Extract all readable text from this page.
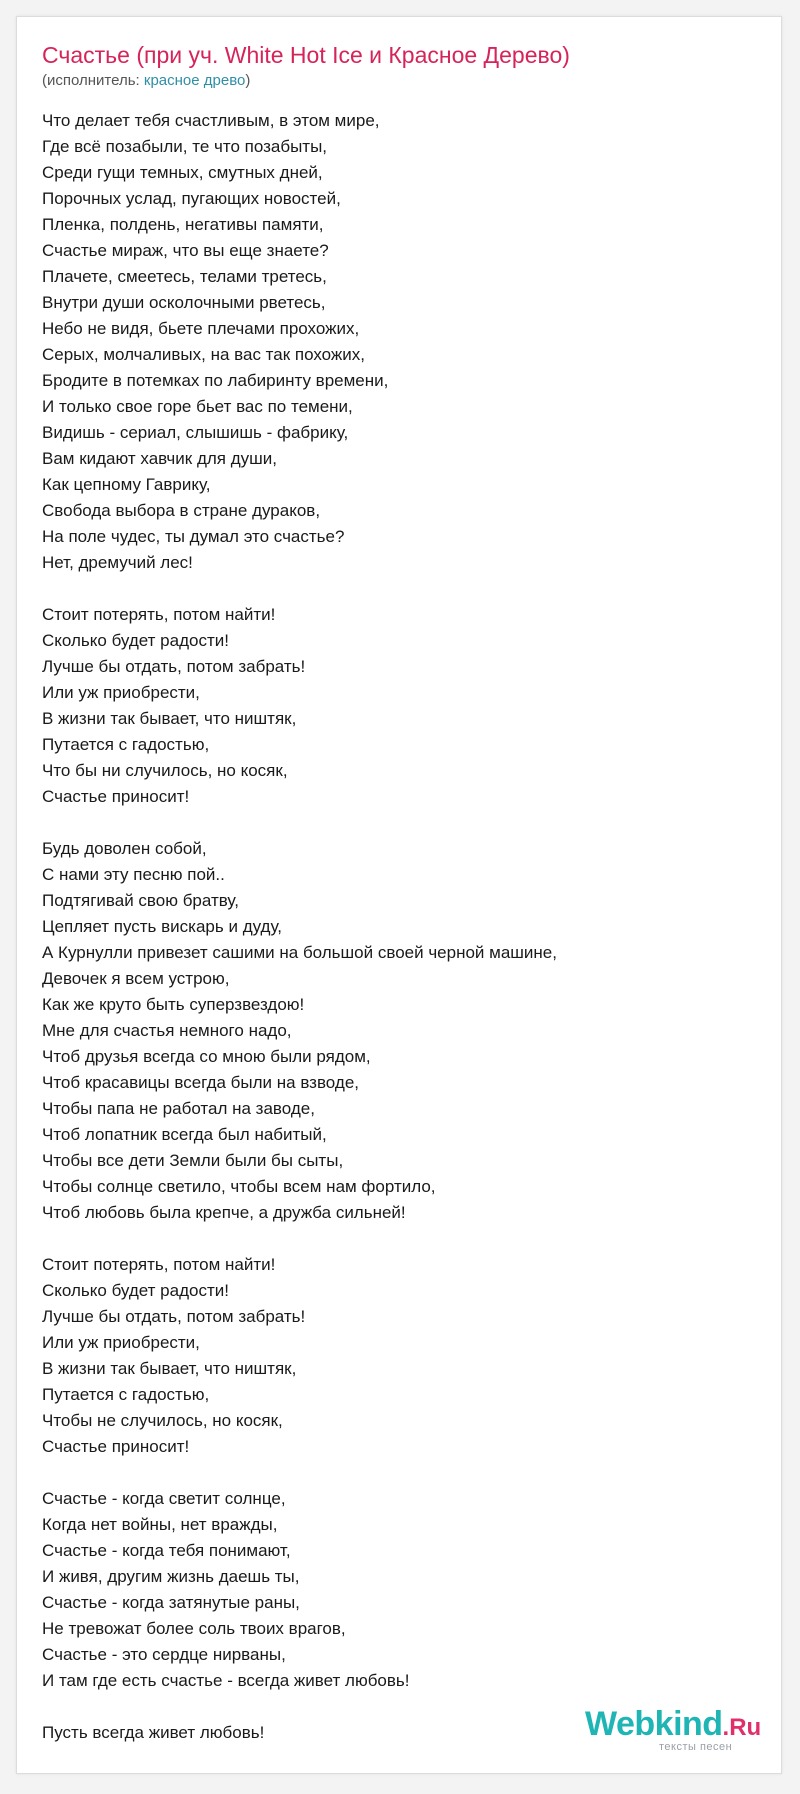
Счастье (при уч. White Hot Ice и Красное Дерево)
(исполнитель: красное древо)
Что делает тебя счастливым, в этом мире,
Где всё позабыли, те что позабыты,
Среди гущи темных, смутных дней,
Порочных услад, пугающих новостей,
Пленка, полдень, негативы памяти,
Счастье мираж, что вы еще знаете?
Плачете, смеетесь, телами третесь,
Внутри души осколочными рветесь,
Небо не видя, бьете плечами прохожих,
Серых, молчаливых, на вас так похожих,
Бродите в потемках по лабиринту времени,
И только свое горе бьет вас по темени,
Видишь - сериал, слышишь - фабрику,
Вам кидают хавчик для души,
Как цепному Гаврику,
Свобода выбора в стране дураков,
На поле чудес, ты думал это счастье?
Нет, дремучий лес!
Стоит потерять, потом найти!
Сколько будет радости!
Лучше бы отдать, потом забрать!
Или уж приобрести,
В жизни так бывает, что ништяк,
Путается с гадостью,
Что бы ни случилось, но косяк,
Счастье приносит!
Будь доволен собой,
С нами эту песню пой..
Подтягивай свою братву,
Цепляет пусть вискарь и дуду,
А Курнулли привезет сашими на большой своей черной машине,
Девочек я всем устрою,
Как же круто быть суперзвездою!
Мне для счастья немного надо,
Чтоб друзья всегда со мною были рядом,
Чтоб красавицы всегда были на взводе,
Чтобы папа не работал на заводе,
Чтоб лопатник всегда был набитый,
Чтобы все дети Земли были бы сыты,
Чтобы солнце светило, чтобы всем нам фортило,
Чтоб любовь была крепче, а дружба сильней!
Стоит потерять, потом найти!
Сколько будет радости!
Лучше бы отдать, потом забрать!
Или уж приобрести,
В жизни так бывает, что ништяк,
Путается с гадостью,
Чтобы не случилось, но косяк,
Счастье приносит!
Счастье - когда светит солнце,
Когда нет войны, нет вражды,
Счастье - когда тебя понимают,
И живя, другим жизнь даешь ты,
Счастье - когда затянутые раны,
Не тревожат более соль твоих врагов,
Счастье - это сердце нирваны,
И там где есть счастье - всегда живет любовь!
Пусть всегда живет любовь!	Webkind.Ru
тексты песен
